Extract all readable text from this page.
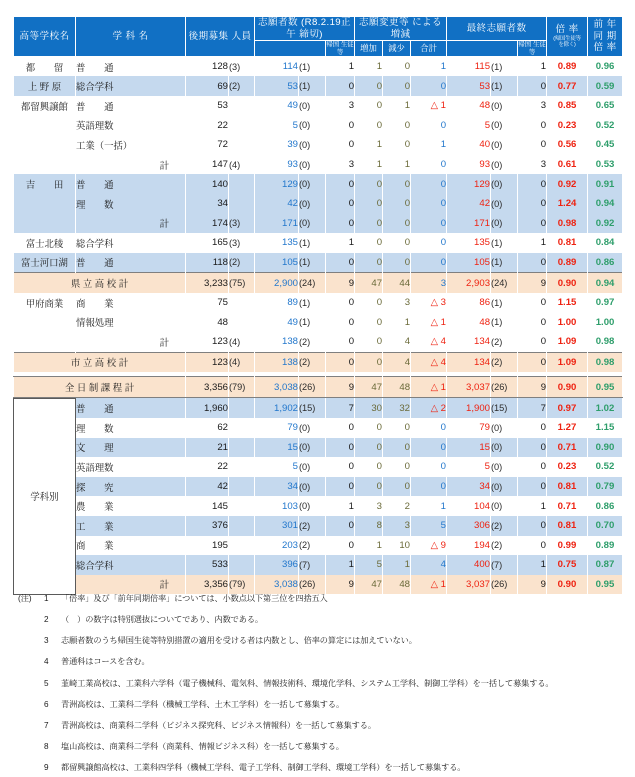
高等学校名	学 科 名	後期募集 人員		志願者数 (R8.2.19正午 締切)			志願変更等 による増減			最終志願者数			倍 率
(帰国生徒等
を除く)	前 年
同 期
倍 率

						帰国 生徒等	増加	減少	合計			帰国 生徒等		
都　　留	普　　通	128	(3)	114	(1)	1	1	0	1	115	(1)	1	0.89	0.96
上 野 原	総合学科	69	(2)	53	(1)	0	0	0	0	53	(1)	0	0.77	0.59
都留興譲館	普　　通	53		49	(0)	3	0	1	△ 1	48	(0)	3	0.85	0.65
	英語理数	22		5	(0)	0	0	0	0	5	(0)	0	0.23	0.52
	工業（一括）	72		39	(0)	0	1	0	1	40	(0)	0	0.56	0.45
	計	147	(4)	93	(0)	3	1	1	0	93	(0)	3	0.61	0.53
吉　　田	普　　通	140		129	(0)	0	0	0	0	129	(0)	0	0.92	0.91
	理　　数	34		42	(0)	0	0	0	0	42	(0)	0	1.24	0.94
	計	174	(3)	171	(0)	0	0	0	0	171	(0)	0	0.98	0.92
富士北稜	総合学科	165	(3)	135	(1)	1	0	0	0	135	(1)	1	0.81	0.84
富士河口湖	普　　通	118	(2)	105	(1)	0	0	0	0	105	(1)	0	0.89	0.86
県 立 高 校 計		3,233	(75)	2,900	(24)	9	47	44	3	2,903	(24)	9	0.90	0.94
甲府商業	商　　業	75		89	(1)	0	0	3	△ 3	86	(1)	0	1.15	0.97
	情報処理	48		49	(1)	0	0	1	△ 1	48	(1)	0	1.00	1.00
	計	123	(4)	138	(2)	0	0	4	△ 4	134	(2)	0	1.09	0.98
市 立 高 校 計		123	(4)	138	(2)	0	0	4	△ 4	134	(2)	0	1.09	0.98

全 日 制 課 程 計		3,356	(79)	3,038	(26)	9	47	48	△ 1	3,037	(26)	9	0.90	0.95
学科別	普　　通	1,960		1,902	(15)	7	30	32	△ 2	1,900	(15)	7	0.97	1.02
	理　　数	62		79	(0)	0	0	0	0	79	(0)	0	1.27	1.15
	文　　理	21		15	(0)	0	0	0	0	15	(0)	0	0.71	0.90
	英語理数	22		5	(0)	0	0	0	0	5	(0)	0	0.23	0.52
	探　　究	42		34	(0)	0	0	0	0	34	(0)	0	0.81	0.79
	農　　業	145		103	(0)	1	3	2	1	104	(0)	1	0.71	0.86
	工　　業	376		301	(2)	0	8	3	5	306	(2)	0	0.81	0.70
	商　　業	195		203	(2)	0	1	10	△ 9	194	(2)	0	0.99	0.89
	総合学科	533		396	(7)	1	5	1	4	400	(7)	1	0.75	0.87
	計	3,356	(79)	3,038	(26)	9	47	48	△ 1	3,037	(26)	9	0.90	0.95
(注)	1	「倍率」及び「前年同期倍率」については、小数点以下第三位を四捨五入
2	（　）の数字は特別選抜についてであり、内数である。
3	志願者数のうち帰国生徒等特別措置の適用を受ける者は内数とし、倍率の算定には加えていない。
4	普通科はコースを含む。
5	韮崎工業高校は、工業科六学科（電子機械科、電気科、情報技術科、環境化学科、システム工学科、制御工学科）を一括して募集する。
6	青洲高校は、工業科二学科（機械工学科、土木工学科）を一括して募集する。
7	青洲高校は、商業科二学科（ビジネス探究科、ビジネス情報科）を一括して募集する。
8	塩山高校は、商業科二学科（商業科、情報ビジネス科）を一括して募集する。
9	都留興譲館高校は、工業科四学科（機械工学科、電子工学科、制御工学科、環境工学科）を一括して募集する。
